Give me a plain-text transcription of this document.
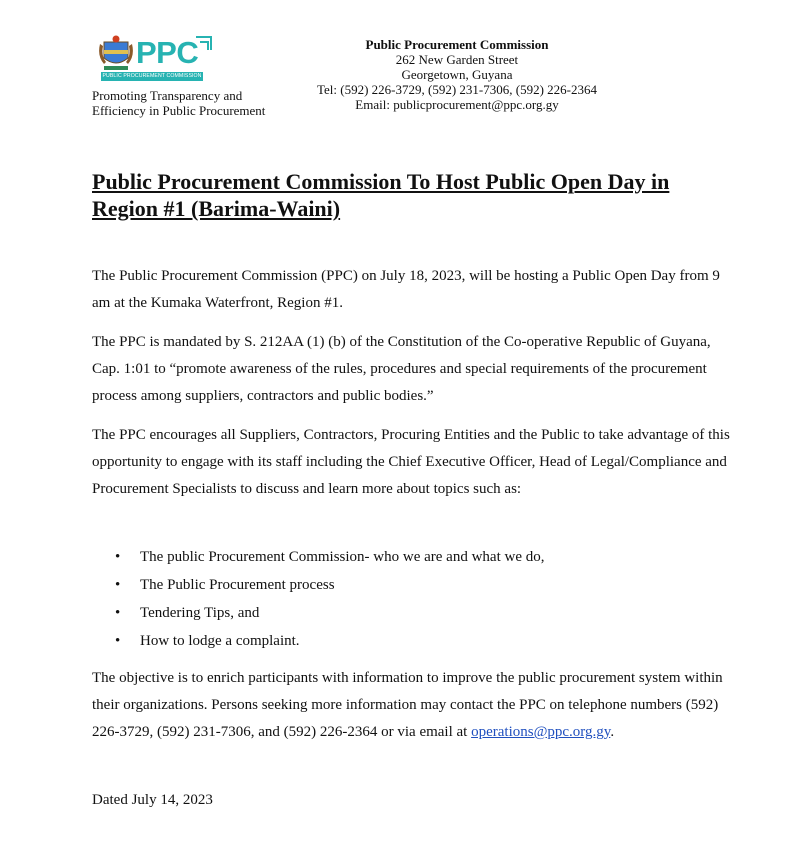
PPC
PUBLIC PROCUREMENT COMMISSION
Promoting Transparency and
Efficiency in Public Procurement
Public Procurement Commission
262 New Garden Street
Georgetown, Guyana
Tel: (592) 226-3729, (592) 231-7306, (592) 226-2364
Email: publicprocurement@ppc.org.gy
Public Procurement Commission To Host Public Open Day in Region #1 (Barima-Waini)

The Public Procurement Commission (PPC) on July 18, 2023, will be hosting a Public Open Day from 9 am at the Kumaka Waterfront, Region #1.

The PPC is mandated by S. 212AA (1) (b) of the Constitution of the Co-operative Republic of Guyana, Cap. 1:01 to “promote awareness of the rules, procedures and special requirements of the procurement process among suppliers, contractors and public bodies.”

The PPC encourages all Suppliers, Contractors, Procuring Entities and the Public to take advantage of this opportunity to engage with its staff including the Chief Executive Officer, Head of Legal/Compliance and Procurement Specialists to discuss and learn more about topics such as:

• The public Procurement Commission- who we are and what we do,
• The Public Procurement process
• Tendering Tips, and
• How to lodge a complaint.

The objective is to enrich participants with information to improve the public procurement system within their organizations. Persons seeking more information may contact the PPC on telephone numbers (592) 226-3729, (592) 231-7306, and (592) 226-2364 or via email at operations@ppc.org.gy.

Dated July 14, 2023
